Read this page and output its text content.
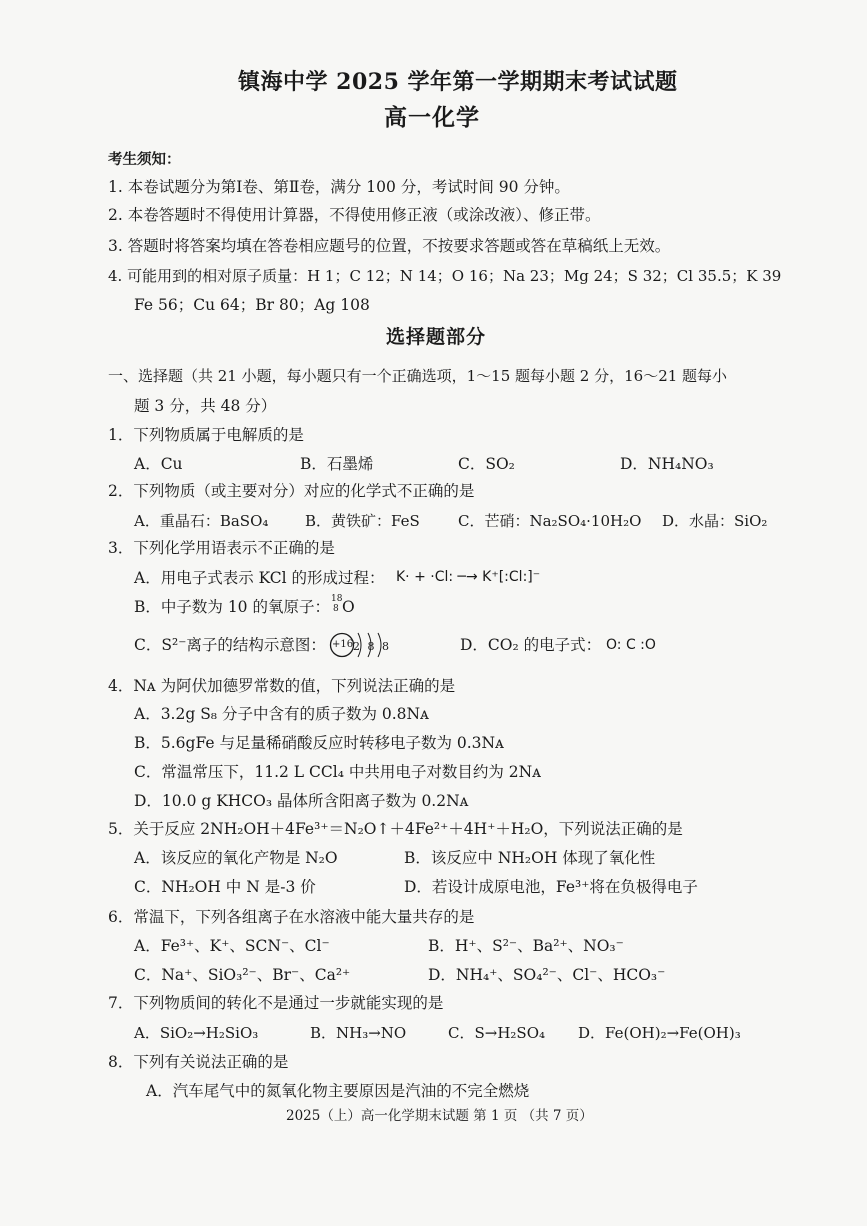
镇海中学 2025 学年第一学期期末考试试题
高一化学
考生须知：
1. 本卷试题分为第Ⅰ卷、第Ⅱ卷，满分 100 分，考试时间 90 分钟。
2. 本卷答题时不得使用计算器，不得使用修正液（或涂改液）、修正带。
3. 答题时将答案均填在答卷相应题号的位置，不按要求答题或答在草稿纸上无效。
4. 可能用到的相对原子质量：H 1；C 12；N 14；O 16；Na 23；Mg 24；S 32；Cl 35.5；K 39
Fe 56；Cu 64；Br 80；Ag 108
选择题部分
一、选择题（共 21 小题，每小题只有一个正确选项，1～15 题每小题 2 分，16～21 题每小
题 3 分，共 48 分）
1．下列物质属于电解质的是
A．Cu	B．石墨烯	C．SO₂	D．NH₄NO₃
2．下列物质（或主要对分）对应的化学式不正确的是
A．重晶石：BaSO₄ B．黄铁矿：FeS	C．芒硝：Na₂SO₄·10H₂O D．水晶：SiO₂
3．下列化学用语表示不正确的是
A．用电子式表示 KCl 的形成过程： K· + ·Cl: ─→ K⁺[:Cl:]⁻
B．中子数为 10 的氧原子： 18
8 O
C．S²⁻离子的结构示意图： +16 2 8 8	D．CO₂ 的电子式： O: C :O
4．Nᴀ 为阿伏加德罗常数的值，下列说法正确的是
A．3.2g S₈ 分子中含有的质子数为 0.8Nᴀ
B．5.6gFe 与足量稀硝酸反应时转移电子数为 0.3Nᴀ
C．常温常压下，11.2 L CCl₄ 中共用电子对数目约为 2Nᴀ
D．10.0 g KHCO₃ 晶体所含阳离子数为 0.2Nᴀ
5．关于反应 2NH₂OH＋4Fe³⁺＝N₂O↑＋4Fe²⁺＋4H⁺＋H₂O，下列说法正确的是
A．该反应的氧化产物是 N₂O	B．该反应中 NH₂OH 体现了氧化性
C．NH₂OH 中 N 是-3 价	D．若设计成原电池，Fe³⁺将在负极得电子
6．常温下，下列各组离子在水溶液中能大量共存的是
A．Fe³⁺、K⁺、SCN⁻、Cl⁻	B．H⁺、S²⁻、Ba²⁺、NO₃⁻
C．Na⁺、SiO₃²⁻、Br⁻、Ca²⁺	D．NH₄⁺、SO₄²⁻、Cl⁻、HCO₃⁻
7．下列物质间的转化不是通过一步就能实现的是
A．SiO₂→H₂SiO₃	B．NH₃→NO	C．S→H₂SO₄ D．Fe(OH)₂→Fe(OH)₃
8．下列有关说法正确的是
A．汽车尾气中的氮氧化物主要原因是汽油的不完全燃烧
2025（上）高一化学期末试题 第 1 页 （共 7 页）
